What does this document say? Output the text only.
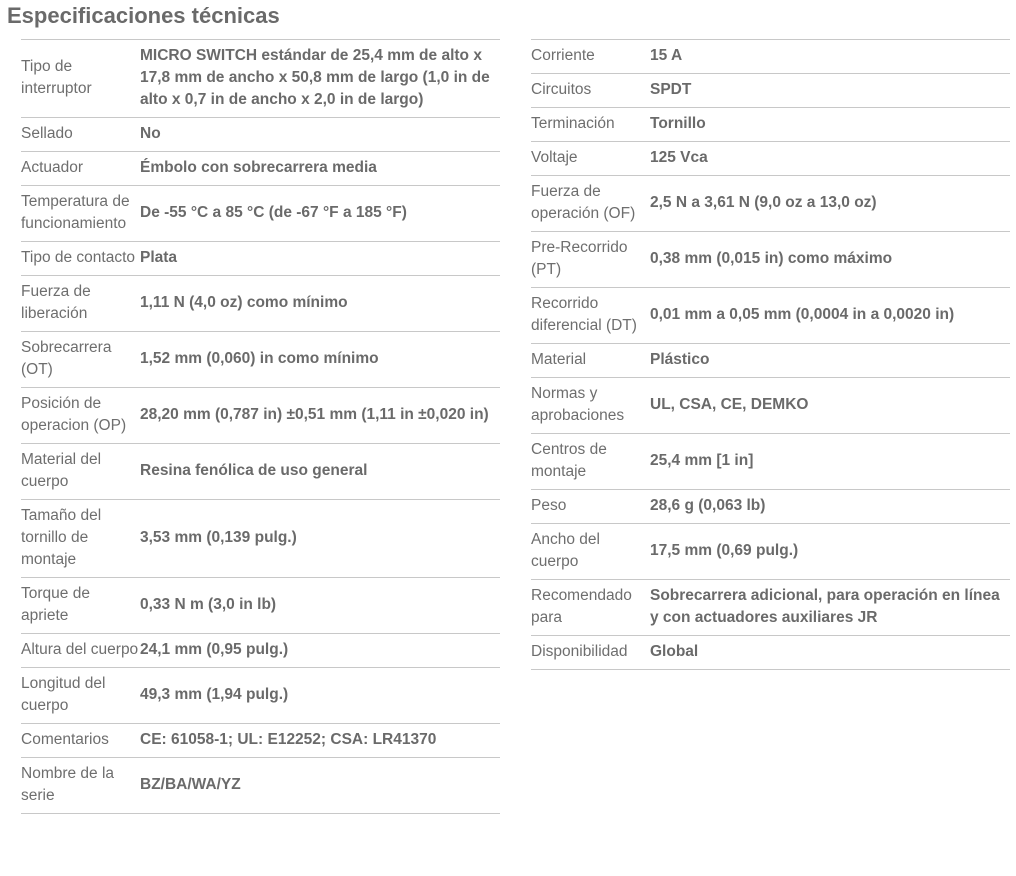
Especificaciones técnicas
Tipo de interruptor	MICRO SWITCH estándar de 25,4 mm de alto x 17,8 mm de ancho x 50,8 mm de largo (1,0 in de alto x 0,7 in de ancho x 2,0 in de largo)
Sellado	No
Actuador	Émbolo con sobrecarrera media
Temperatura de funcionamiento	De -55 °C a 85 °C (de -67 °F a 185 °F)
Tipo de contacto	Plata
Fuerza de liberación	1,11 N (4,0 oz) como mínimo
Sobrecarrera (OT)	1,52 mm (0,060) in como mínimo
Posición de operacion (OP)	28,20 mm (0,787 in) ±0,51 mm (1,11 in ±0,020 in)
Material del cuerpo	Resina fenólica de uso general
Tamaño del tornillo de montaje	3,53 mm (0,139 pulg.)
Torque de apriete	0,33 N m (3,0 in lb)
Altura del cuerpo	24,1 mm (0,95 pulg.)
Longitud del cuerpo	49,3 mm (1,94 pulg.)
Comentarios	CE: 61058-1; UL: E12252; CSA: LR41370
Nombre de la serie	BZ/BA/WA/YZ
Corriente	15 A
Circuitos	SPDT
Terminación	Tornillo
Voltaje	125 Vca
Fuerza de operación (OF)	2,5 N a 3,61 N (9,0 oz a 13,0 oz)
Pre-Recorrido (PT)	0,38 mm (0,015 in) como máximo
Recorrido diferencial (DT)	0,01 mm a 0,05 mm (0,0004 in a 0,0020 in)
Material	Plástico
Normas y aprobaciones	UL, CSA, CE, DEMKO
Centros de montaje	25,4 mm [1 in]
Peso	28,6 g (0,063 lb)
Ancho del cuerpo	17,5 mm (0,69 pulg.)
Recomendado para	Sobrecarrera adicional, para operación en línea y con actuadores auxiliares JR
Disponibilidad	Global
